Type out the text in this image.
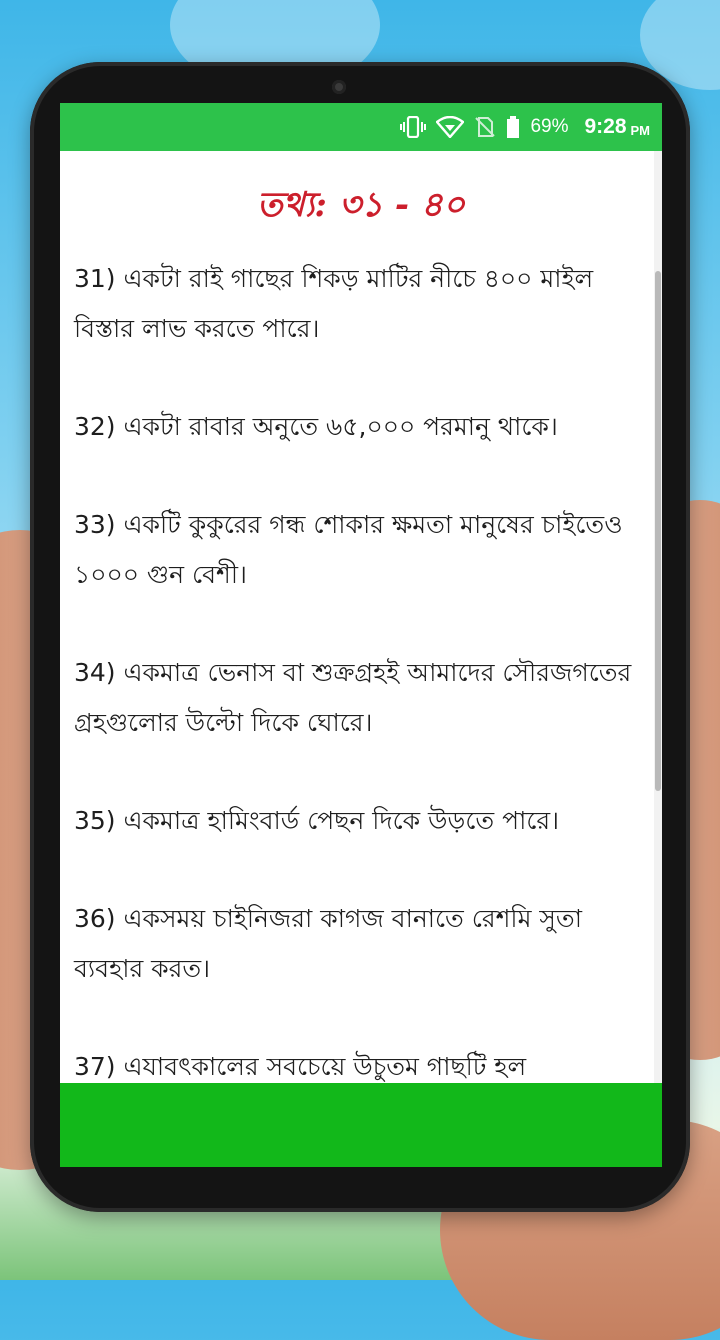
69% 9:28 PM
তথ্য: ৩১ - ৪০

31) একটা রাই গাছের শিকড় মাটির নীচে ৪০০ মাইল বিস্তার লাভ করতে পারে।

32) একটা রাবার অনুতে ৬৫,০০০ পরমানু থাকে।

33) একটি কুকুরের গন্ধ শোকার ক্ষমতা মানুষের চাইতেও ১০০০ গুন বেশী।

34) একমাত্র ভেনাস বা শুক্রগ্রহই আমাদের সৌরজগতের গ্রহগুলোর উল্টো দিকে ঘোরে।

35) একমাত্র হামিংবার্ড পেছন দিকে উড়তে পারে।

36) একসময় চাইনিজরা কাগজ বানাতে রেশমি সুতা ব্যবহার করত।

37) এযাবৎকালের সবচেয়ে উচুতম গাছটি হল
